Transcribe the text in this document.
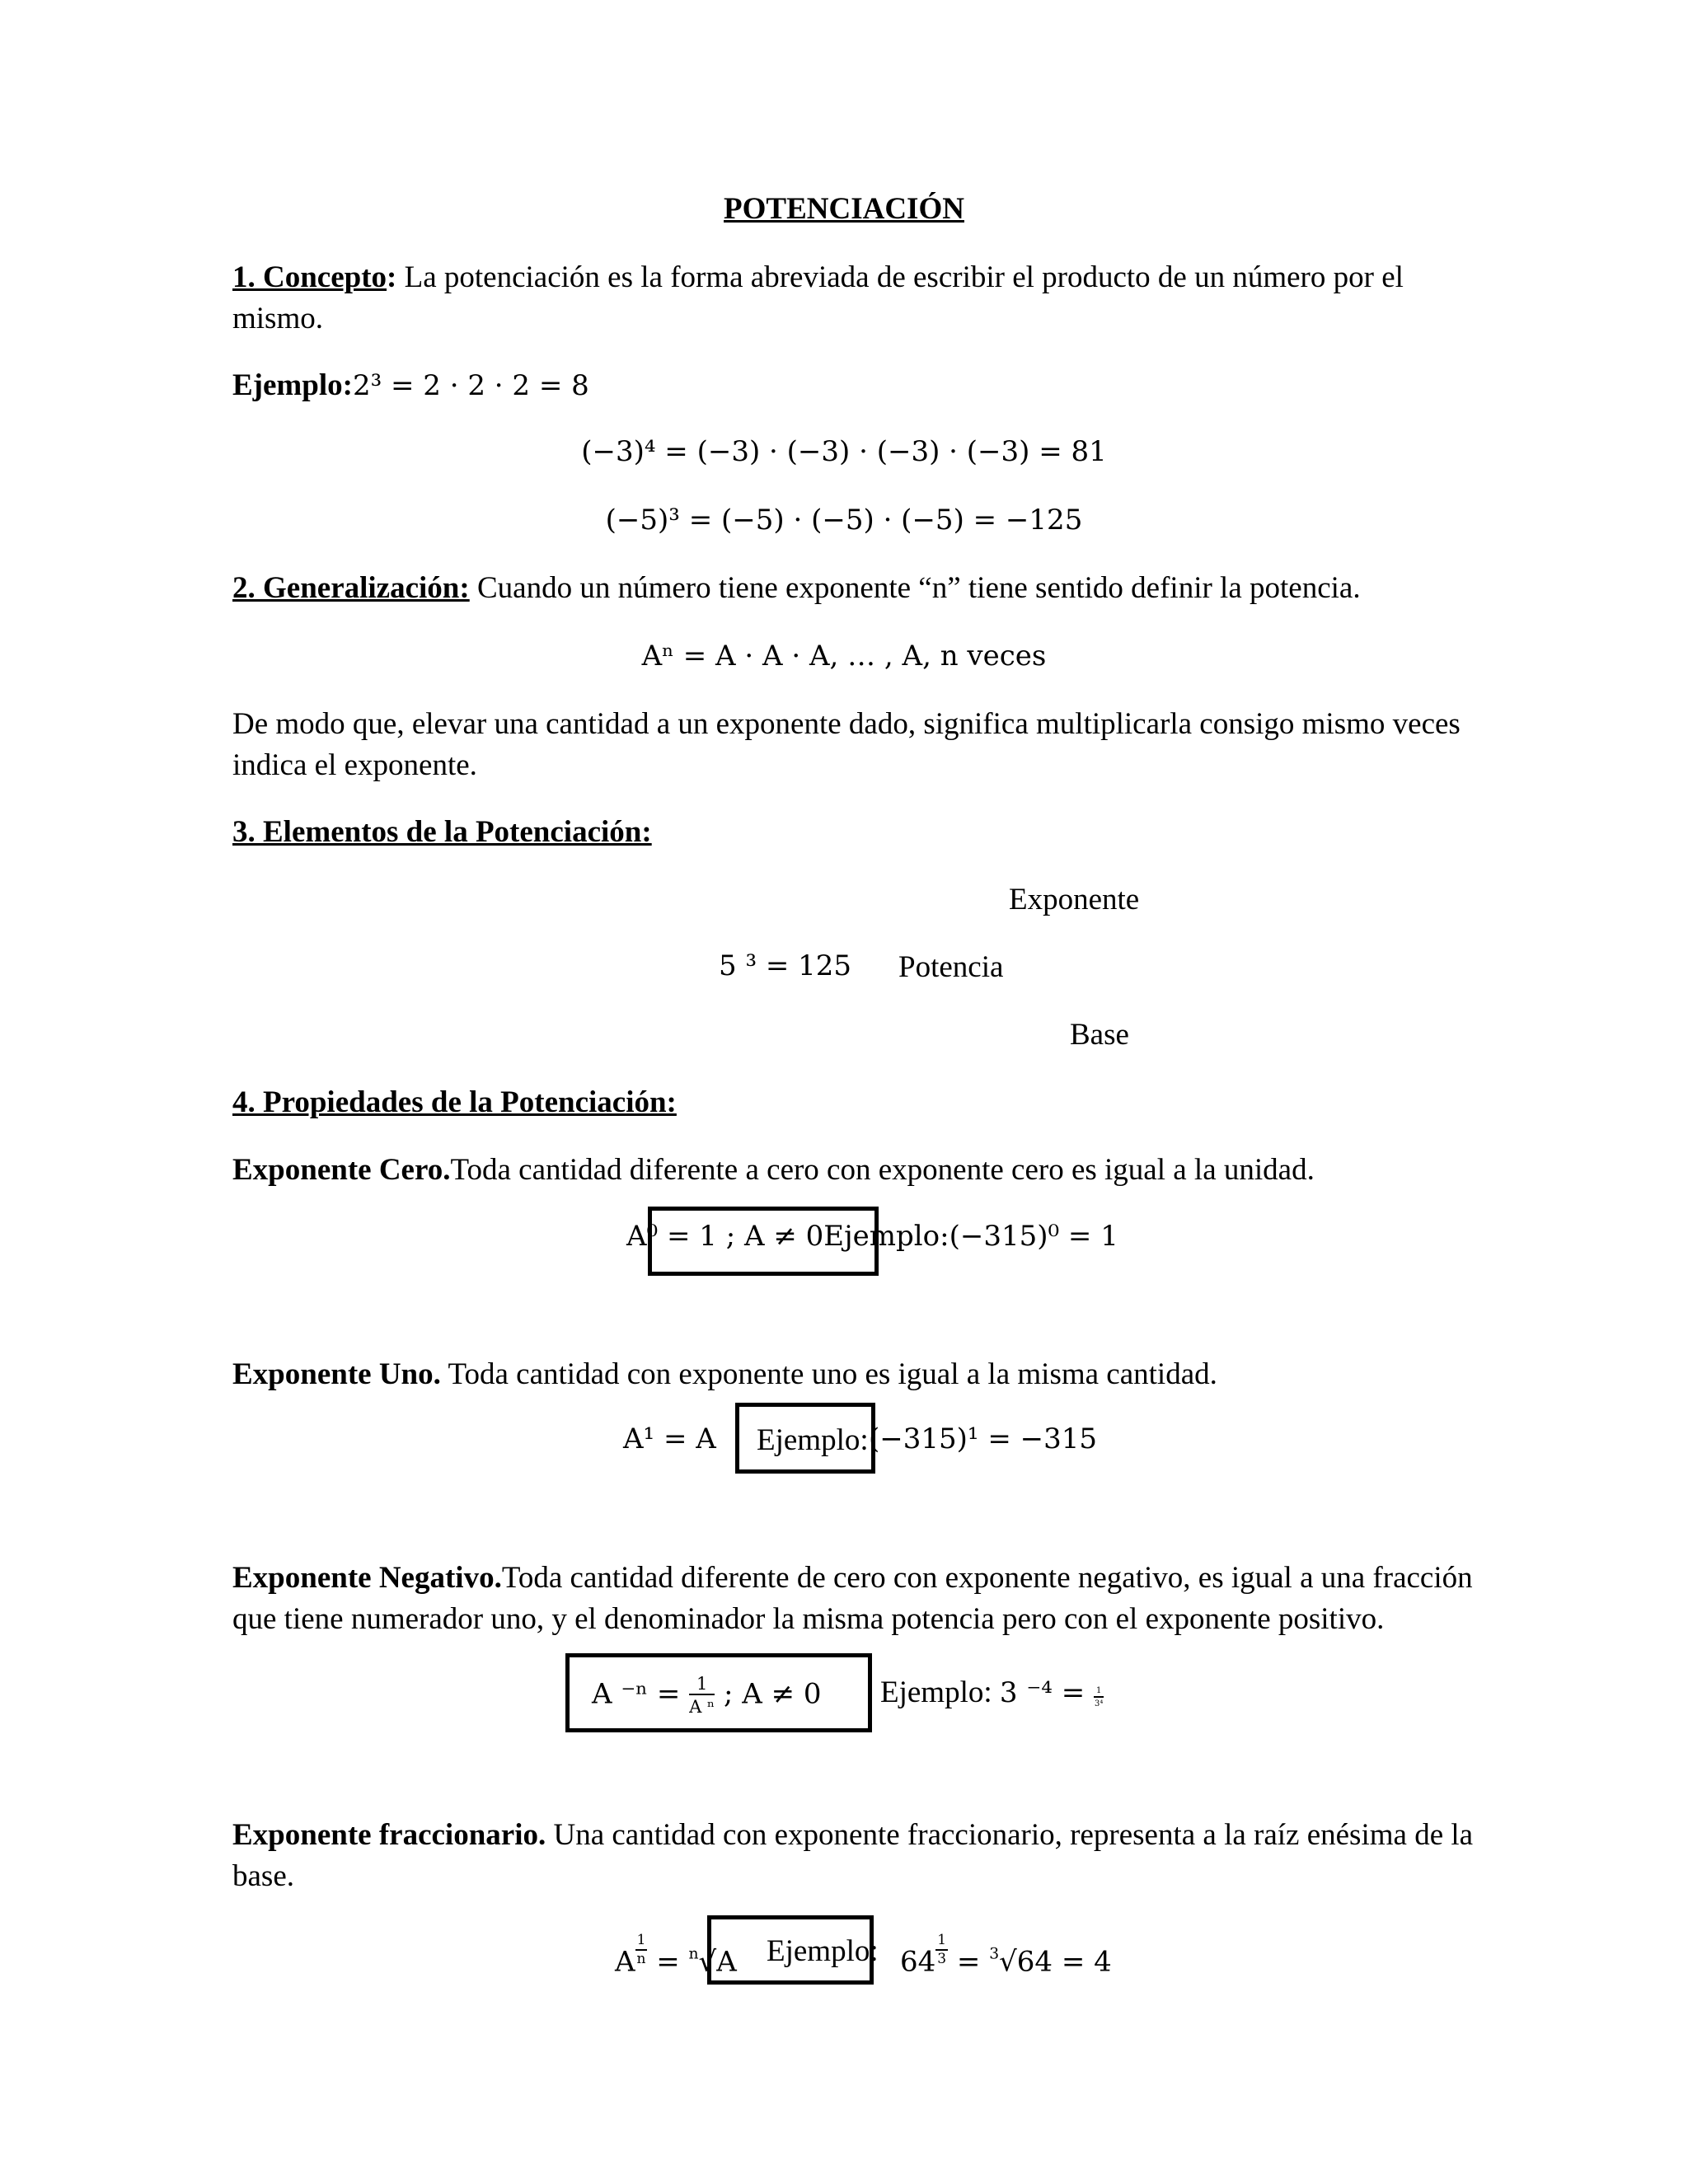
POTENCIACIÓN
1. Concepto: La potenciación es la forma abreviada de escribir el producto de un número por el mismo.
Ejemplo:2³ = 2 · 2 · 2 = 8
(−3)⁴ = (−3) · (−3) · (−3) · (−3) = 81
(−5)³ = (−5) · (−5) · (−5) = −125
2. Generalización: Cuando un número tiene exponente “n” tiene sentido definir la potencia.
Aⁿ = A · A · A, … , A, n veces
De modo que, elevar una cantidad a un exponente dado, significa multiplicarla consigo mismo veces indica el exponente.
3. Elementos de la Potenciación:
Exponente
5 ³ = 125 Potencia
Base
4. Propiedades de la Potenciación:
Exponente Cero.Toda cantidad diferente a cero con exponente cero es igual a la unidad.
A⁰ = 1 ; A ≠ 0Ejemplo:(−315)⁰ = 1
Exponente Uno. Toda cantidad con exponente uno es igual a la misma cantidad.
A¹ = A Ejemplo: (−315)¹ = −315
Exponente Negativo.Toda cantidad diferente de cero con exponente negativo, es igual a una fracción que tiene numerador uno, y el denominador la misma potencia pero con el exponente positivo.
A $^{-n} = \frac{1}{\text{A ⁿ}}$ ; A ≠ 0 Ejemplo: 3 $^{-4} = \frac{1}{\text{3⁴}}$
Exponente fraccionario. Una cantidad con exponente fraccionario, representa a la raíz enésima de la base.
A $\frac{1}{n} = ^n√A$ Ejemplo: $64 \frac{1}{3} = ^3√64 = 4$
